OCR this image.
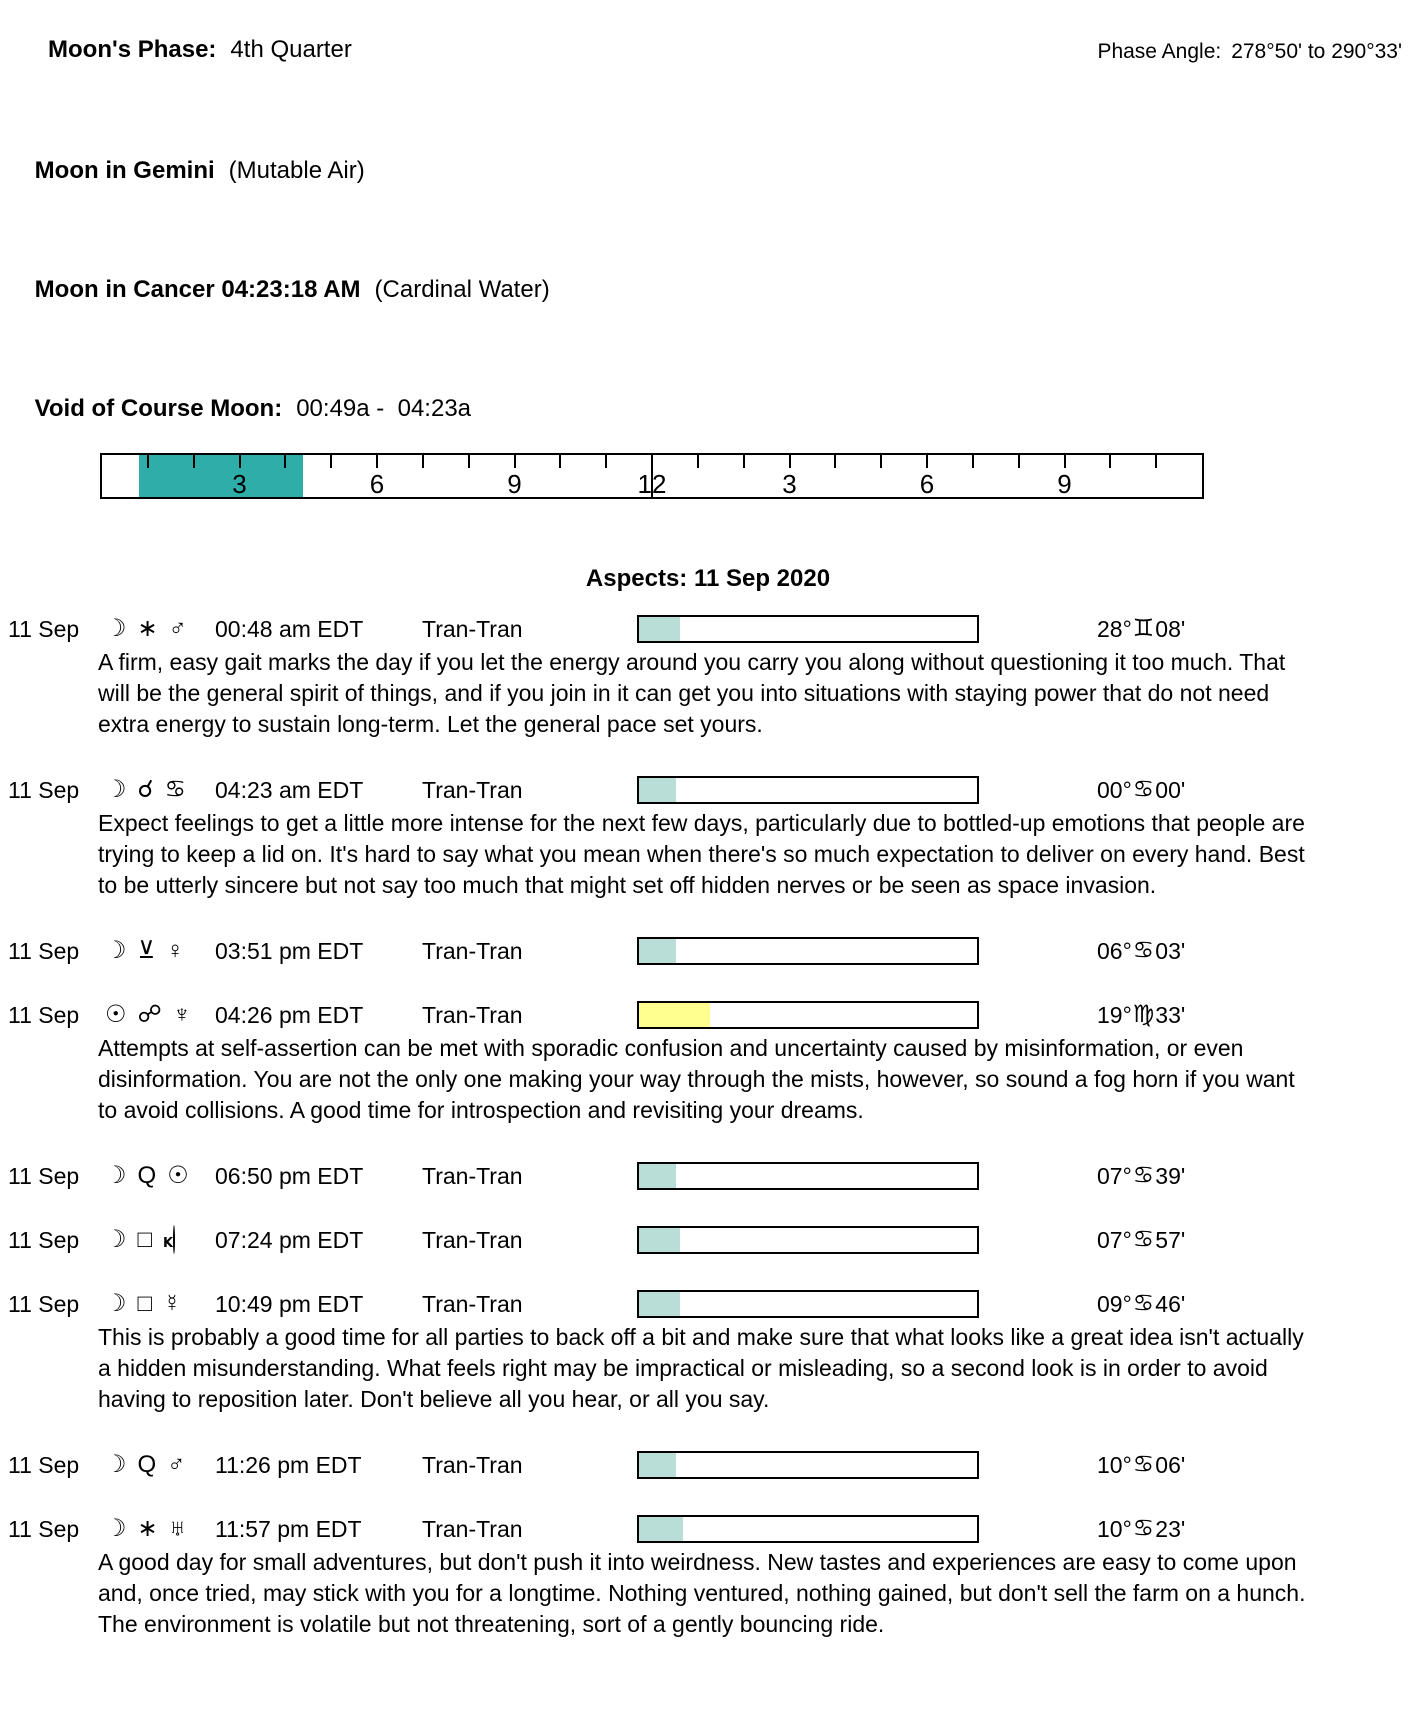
Moon's Phase: 4th Quarter
	Phase Angle: 278°50' to 290°33'

Moon in Gemini (Mutable Air)

Moon in Cancer 04:23:18 AM (Cardinal Water)

Void of Course Moon: 00:49a -  04:23a

3	6	9	12	3	6	9
Aspects: 11 Sep 2020
11 Sep	☽ ∗ ♂ 00:48 am EDT	Tran-Tran	28° ♊ 08'

A firm, easy gait marks the day if you let the energy around you carry you along without questioning it too much. That will be the general spirit of things, and if you join in it can get you into situations with staying power that do not need extra energy to sustain long-term. Let the general pace set yours.

11 Sep	☽ ☌ ♋ 04:23 am EDT	Tran-Tran	00° ♋ 00'

Expect feelings to get a little more intense for the next few days, particularly due to bottled-up emotions that people are trying to keep a lid on. It's hard to say what you mean when there's so much expectation to deliver on every hand. Best to be utterly sincere but not say too much that might set off hidden nerves or be seen as space invasion.

11 Sep	☽ ⊻ ♀ 03:51 pm EDT	Tran-Tran	06° ♋ 03'
11 Sep	☉ ☍ ♆ 04:26 pm EDT	Tran-Tran	19° ♍ 33'

Attempts at self-assertion can be met with sporadic confusion and uncertainty caused by misinformation, or even disinformation. You are not the only one making your way through the mists, however, so sound a fog horn if you want to avoid collisions. A good time for introspection and revisiting your dreams.

11 Sep	☽ Q ☉ 06:50 pm EDT	Tran-Tran	07° ♋ 39'
11 Sep	☽ □ K 07:24 pm EDT	Tran-Tran	07° ♋ 57'
11 Sep	☽ □ ☿ 10:49 pm EDT	Tran-Tran	09° ♋ 46'

This is probably a good time for all parties to back off a bit and make sure that what looks like a great idea isn't actually a hidden misunderstanding. What feels right may be impractical or misleading, so a second look is in order to avoid having to reposition later. Don't believe all you hear, or all you say.

11 Sep	☽ Q ♂ 11:26 pm EDT	Tran-Tran	10° ♋ 06'
11 Sep	☽ ∗ ♅ 11:57 pm EDT	Tran-Tran	10° ♋ 23'

A good day for small adventures, but don't push it into weirdness. New tastes and experiences are easy to come upon and, once tried, may stick with you for a longtime. Nothing ventured, nothing gained, but don't sell the farm on a hunch. The environment is volatile but not threatening, sort of a gently bouncing ride.
